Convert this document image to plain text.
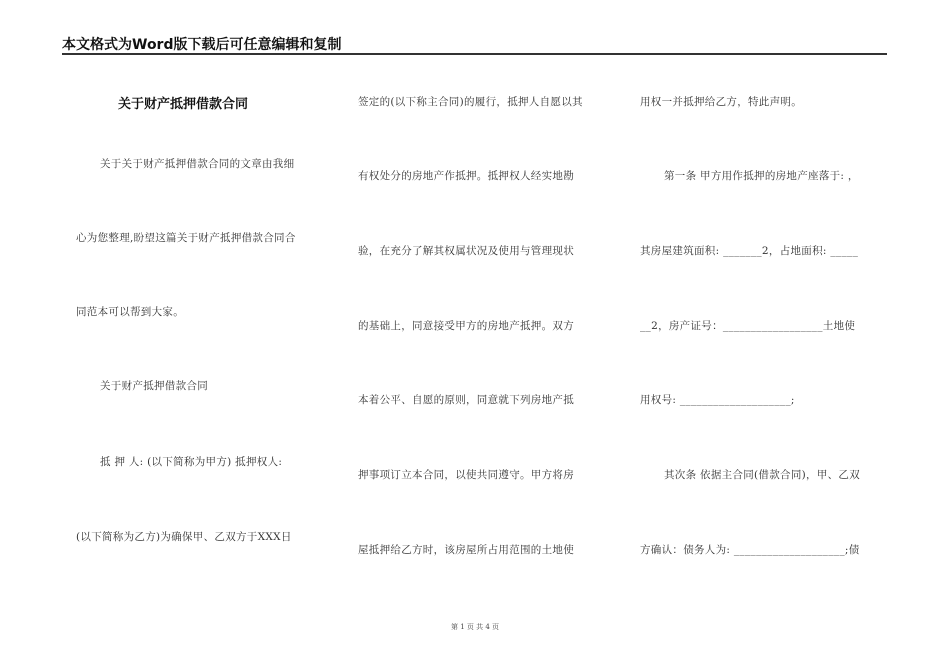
本文格式为Word版下载后可任意编辑和复制
关于财产抵押借款合同
关于关于财产抵押借款合同的文章由我细
心为您整理,盼望这篇关于财产抵押借款合同合
同范本可以帮到大家。
关于财产抵押借款合同
抵 押 人: (以下简称为甲方) 抵押权人:
(以下简称为乙方)为确保甲、乙双方于XXX日
签定的(以下称主合同)的履行，抵押人自愿以其
有权处分的房地产作抵押。抵押权人经实地勘
验，在充分了解其权属状况及使用与管理现状
的基础上，同意接受甲方的房地产抵押。双方
本着公平、自愿的原则，同意就下列房地产抵
押事项订立本合同，以使共同遵守。甲方将房
屋抵押给乙方时，该房屋所占用范围的土地使
用权一并抵押给乙方，特此声明。
第一条 甲方用作抵押的房地产座落于: ，
其房屋建筑面积: _______2，占地面积: _____
__2，房产证号：__________________土地使
用权号: ____________________;
其次条 依据主合同(借款合同)，甲、乙双
方确认：债务人为: ____________________;债
第 1 页 共 4 页
